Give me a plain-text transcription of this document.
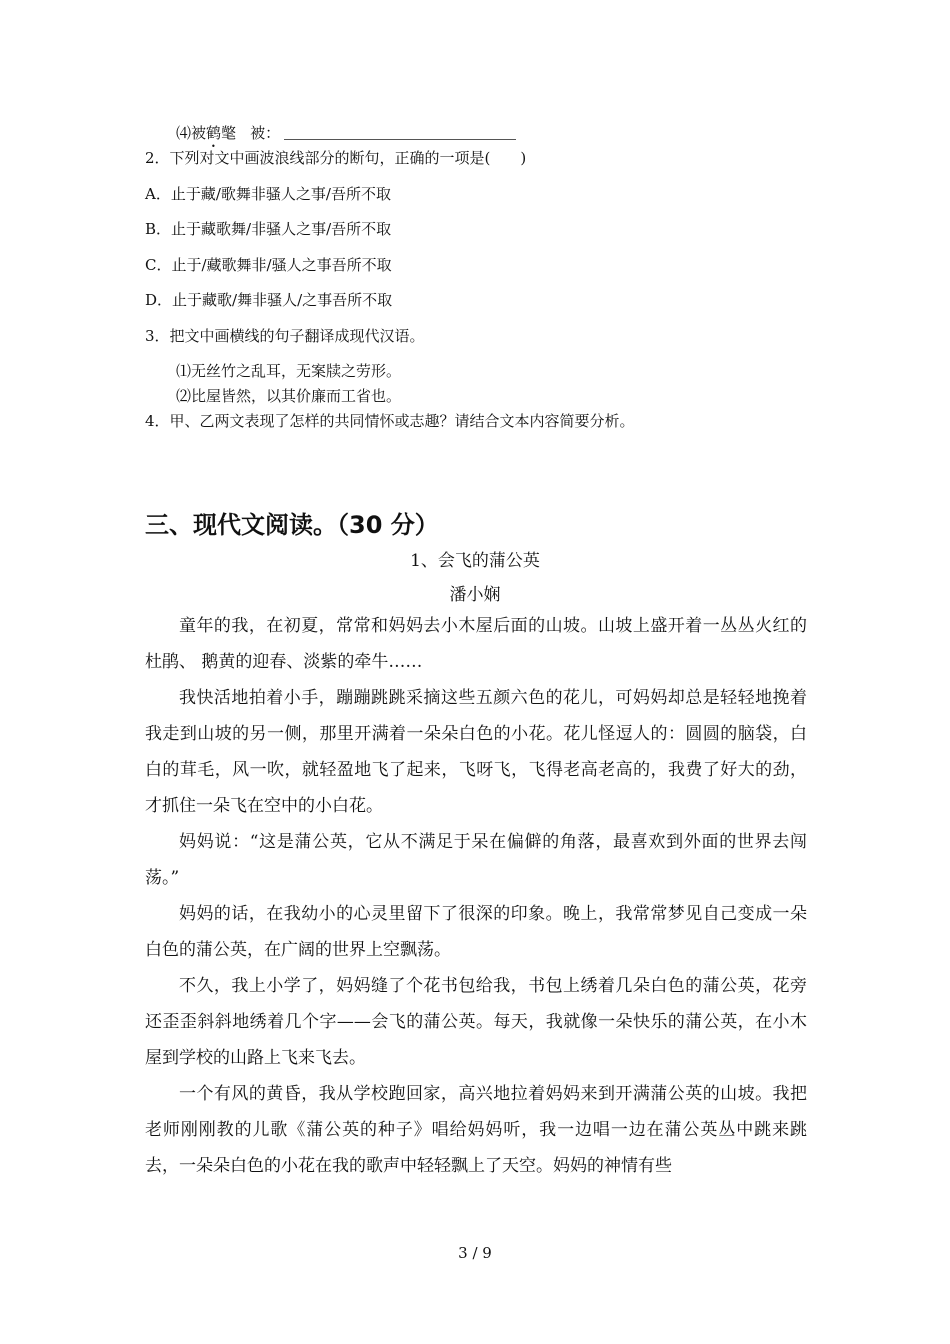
⑷被鹤氅 被：
2．下列对文中画波浪线部分的断句，正确的一项是(　　)
A．止于藏/歌舞非骚人之事/吾所不取
B．止于藏歌舞/非骚人之事/吾所不取
C．止于/藏歌舞非/骚人之事吾所不取
D．止于藏歌/舞非骚人/之事吾所不取
3．把文中画横线的句子翻译成现代汉语。
⑴无丝竹之乱耳，无案牍之劳形。
⑵比屋皆然，以其价廉而工省也。
4．甲、乙两文表现了怎样的共同情怀或志趣？请结合文本内容简要分析。
三、现代文阅读。（30 分）
1、会飞的蒲公英
潘小娴
童年的我，在初夏，常常和妈妈去小木屋后面的山坡。山坡上盛开着一丛丛火红的杜鹃、 鹅黄的迎春、淡紫的牵牛……
我快活地拍着小手，蹦蹦跳跳采摘这些五颜六色的花儿，可妈妈却总是轻轻地挽着我走到山坡的另一侧，那里开满着一朵朵白色的小花。花儿怪逗人的：圆圆的脑袋，白白的茸毛，风一吹，就轻盈地飞了起来，飞呀飞，飞得老高老高的，我费了好大的劲，才抓住一朵飞在空中的小白花。
妈妈说：“这是蒲公英，它从不满足于呆在偏僻的角落，最喜欢到外面的世界去闯荡。”
妈妈的话，在我幼小的心灵里留下了很深的印象。晚上，我常常梦见自己变成一朵白色的蒲公英，在广阔的世界上空飘荡。
不久，我上小学了，妈妈缝了个花书包给我，书包上绣着几朵白色的蒲公英，花旁还歪歪斜斜地绣着几个字——会飞的蒲公英。每天，我就像一朵快乐的蒲公英，在小木屋到学校的山路上飞来飞去。
一个有风的黄昏，我从学校跑回家，高兴地拉着妈妈来到开满蒲公英的山坡。我把老师刚刚教的儿歌《蒲公英的种子》唱给妈妈听，我一边唱一边在蒲公英丛中跳来跳去，一朵朵白色的小花在我的歌声中轻轻飘上了天空。妈妈的神情有些
3 / 9
